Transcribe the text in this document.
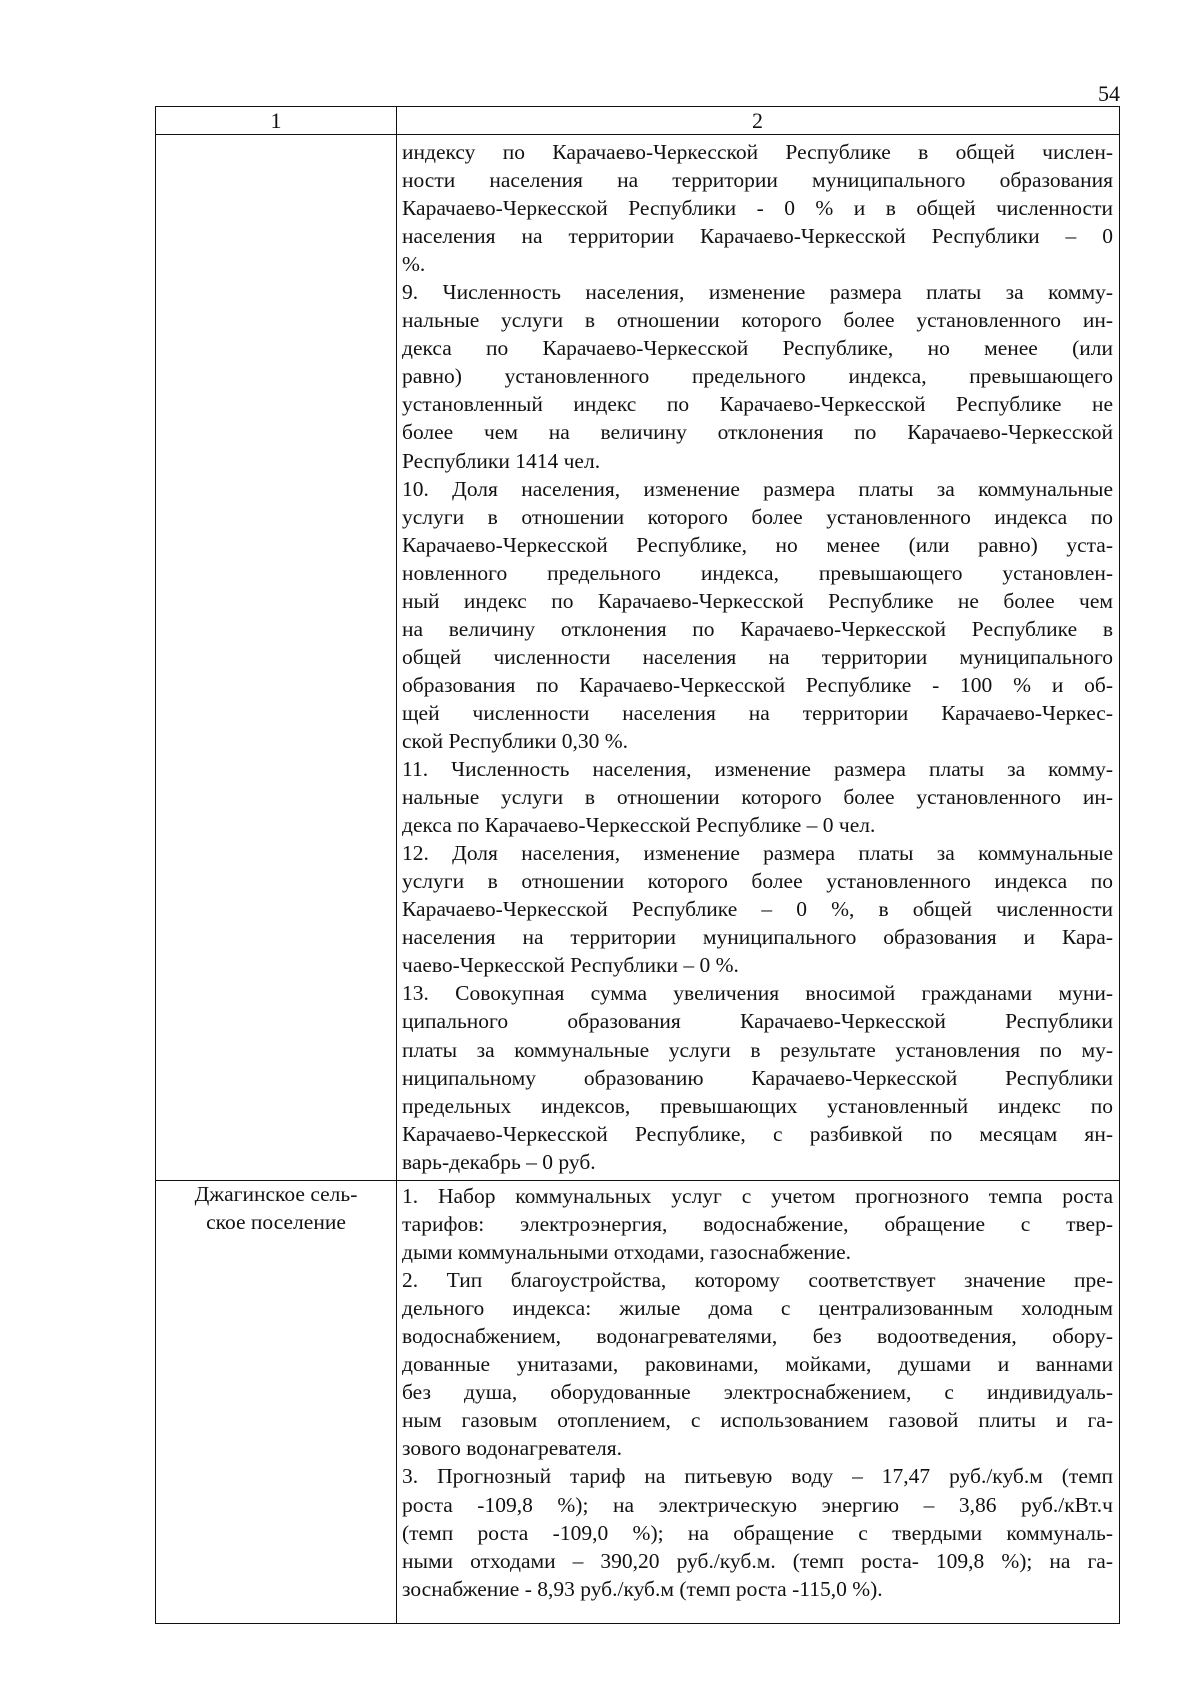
54
1	2
индексу по Карачаево-Черкесской Республике в общей числен-
ности населения на территории муниципального образования
Карачаево-Черкесской Республики - 0 % и в общей численности
населения на территории Карачаево-Черкесской Республики – 0
%.
9. Численность населения, изменение размера платы за комму-
нальные услуги в отношении которого более установленного ин-
декса по Карачаево-Черкесской Республике, но менее (или
равно) установленного предельного индекса, превышающего
установленный индекс по Карачаево-Черкесской Республике не
более чем на величину отклонения по Карачаево-Черкесской
Республики 1414 чел.
10. Доля населения, изменение размера платы за коммунальные
услуги в отношении которого более установленного индекса по
Карачаево-Черкесской Республике, но менее (или равно) уста-
новленного предельного индекса, превышающего установлен-
ный индекс по Карачаево-Черкесской Республике не более чем
на величину отклонения по Карачаево-Черкесской Республике в
общей численности населения на территории муниципального
образования по Карачаево-Черкесской Республике - 100 % и об-
щей численности населения на территории Карачаево-Черкес-
ской Республики 0,30 %.
11. Численность населения, изменение размера платы за комму-
нальные услуги в отношении которого более установленного ин-
декса по Карачаево-Черкесской Республике – 0 чел.
12. Доля населения, изменение размера платы за коммунальные
услуги в отношении которого более установленного индекса по
Карачаево-Черкесской Республике – 0 %, в общей численности
населения на территории муниципального образования и Кара-
чаево-Черкесской Республики – 0 %.
13. Совокупная сумма увеличения вносимой гражданами муни-
ципального образования Карачаево-Черкесской Республики
платы за коммунальные услуги в результате установления по му-
ниципальному образованию Карачаево-Черкесской Республики
предельных индексов, превышающих установленный индекс по
Карачаево-Черкесской Республике, с разбивкой по месяцам ян-
варь-декабрь – 0 руб.
Джагинское сель-
ское поселение
1. Набор коммунальных услуг с учетом прогнозного темпа роста
тарифов: электроэнергия, водоснабжение, обращение с твер-
дыми коммунальными отходами, газоснабжение.
2. Тип благоустройства, которому соответствует значение пре-
дельного индекса: жилые дома с централизованным холодным
водоснабжением, водонагревателями, без водоотведения, обору-
дованные унитазами, раковинами, мойками, душами и ваннами
без душа, оборудованные электроснабжением, с индивидуаль-
ным газовым отоплением, с использованием газовой плиты и га-
зового водонагревателя.
3. Прогнозный тариф на питьевую воду – 17,47 руб./куб.м (темп
роста -109,8 %); на электрическую энергию – 3,86 руб./кВт.ч
(темп роста -109,0 %); на обращение с твердыми коммуналь-
ными отходами – 390,20 руб./куб.м. (темп роста- 109,8 %); на га-
зоснабжение - 8,93 руб./куб.м (темп роста -115,0 %).
